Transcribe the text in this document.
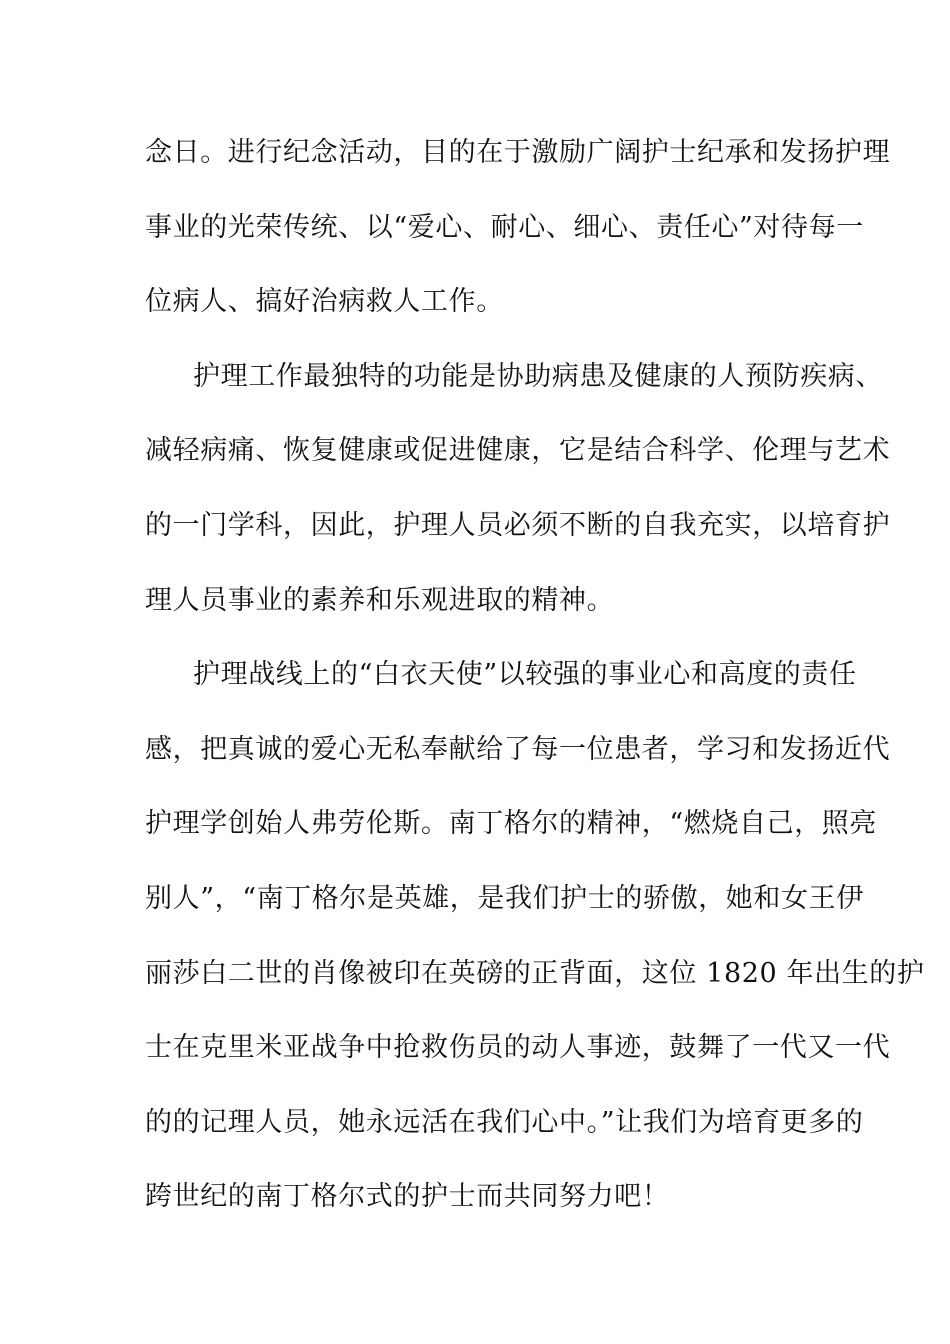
念日。进行纪念活动，目的在于激励广阔护士纪承和发扬护理
事业的光荣传统、以“爱心、耐心、细心、责任心”对待每一
位病人、搞好治病救人工作。
护理工作最独特的功能是协助病患及健康的人预防疾病、
减轻病痛、恢复健康或促进健康，它是结合科学、伦理与艺术
的一门学科，因此，护理人员必须不断的自我充实，以培育护
理人员事业的素养和乐观进取的精神。
护理战线上的“白衣天使”以较强的事业心和高度的责任
感，把真诚的爱心无私奉献给了每一位患者，学习和发扬近代
护理学创始人弗劳伦斯。南丁格尔的精神，“燃烧自己，照亮
别人”，“南丁格尔是英雄，是我们护士的骄傲，她和女王伊
丽莎白二世的肖像被印在英磅的正背面，这位 1820 年出生的护
士在克里米亚战争中抢救伤员的动人事迹，鼓舞了一代又一代
的的记理人员，她永远活在我们心中。”让我们为培育更多的
跨世纪的南丁格尔式的护士而共同努力吧！
